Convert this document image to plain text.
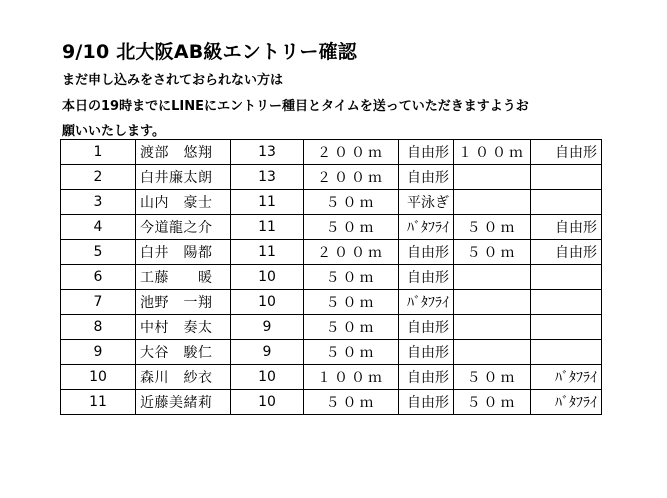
9/10 北大阪AB級エントリー確認
まだ申し込みをされておられない方は
本日の19時までにLINEにエントリー種目とタイムを送っていただきますようお
願いいたします。
1	渡部　悠翔	13	２００ｍ	自由形	１００ｍ	自由形
2	白井廉太朗	13	２００ｍ	自由形		
3	山内　豪士	11	５０ｍ	平泳ぎ		
4	今道龍之介	11	５０ｍ	ﾊﾞﾀﾌﾗｲ	５０ｍ	自由形
5	白井　陽都	11	２００ｍ	自由形	５０ｍ	自由形
6	工藤　　暖	10	５０ｍ	自由形		
7	池野　一翔	10	５０ｍ	ﾊﾞﾀﾌﾗｲ		
8	中村　奏太	9	５０ｍ	自由形		
9	大谷　駿仁	9	５０ｍ	自由形		
10	森川　紗衣	10	１００ｍ	自由形	５０ｍ	ﾊﾞﾀﾌﾗｲ
11	近藤美緒莉	10	５０ｍ	自由形	５０ｍ	ﾊﾞﾀﾌﾗｲ
